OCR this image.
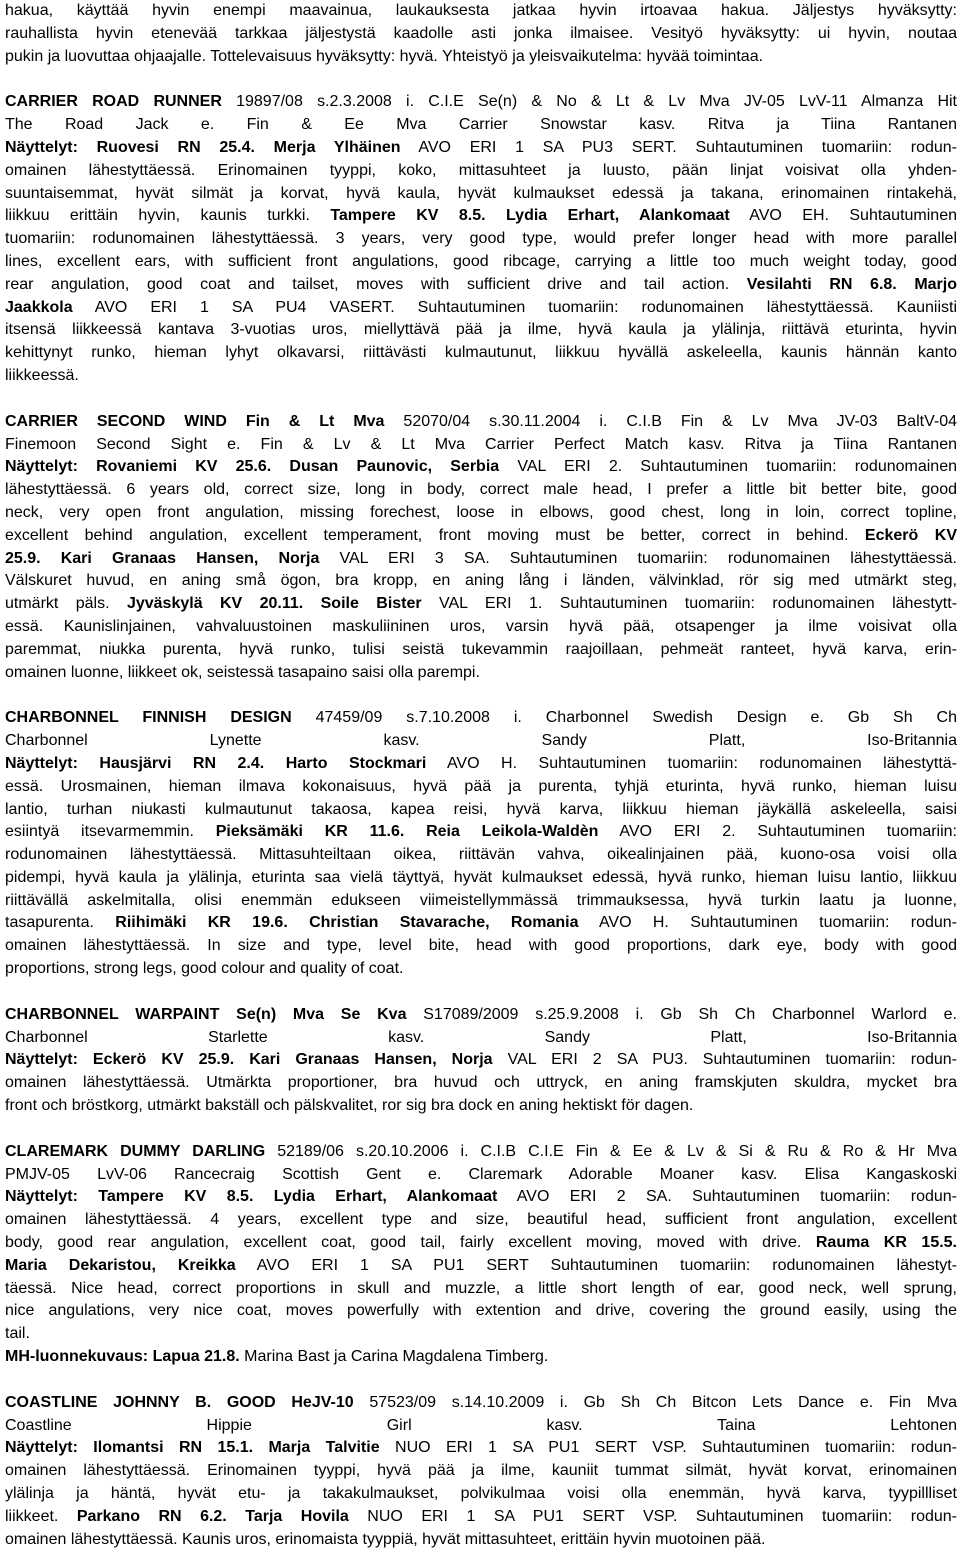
hakua, käyttää hyvin enempi maavainua, laukauksesta jatkaa hyvin irtoavaa hakua. Jäljestys hyväksytty:
rauhallista hyvin etenevää tarkkaa jäljestystä kaadolle asti jonka ilmaisee. Vesityö hyväksytty: ui hyvin, noutaa
pukin ja luovuttaa ohjaajalle. Tottelevaisuus hyväksytty: hyvä. Yhteistyö ja yleisvaikutelma: hyvää toimintaa.
CARRIER ROAD RUNNER 19897/08 s.2.3.2008 i. C.I.E Se(n) & No & Lt & Lv Mva JV-05 LvV-11 Almanza Hit
The Road Jack e. Fin & Ee Mva Carrier Snowstar kasv. Ritva ja Tiina Rantanen
Näyttelyt: Ruovesi RN 25.4. Merja Ylhäinen AVO ERI 1 SA PU3 SERT. Suhtautuminen tuomariin: rodun-
omainen lähestyttäessä. Erinomainen tyyppi, koko, mittasuhteet ja luusto, pään linjat voisivat olla yhden-
suuntaisemmat, hyvät silmät ja korvat, hyvä kaula, hyvät kulmaukset edessä ja takana, erinomainen rintakehä,
liikkuu erittäin hyvin, kaunis turkki. Tampere KV 8.5. Lydia Erhart, Alankomaat AVO EH. Suhtautuminen
tuomariin: rodunomainen lähestyttäessä. 3 years, very good type, would prefer longer head with more parallel
lines, excellent ears, with sufficient front angulations, good ribcage, carrying a little too much weight today, good
rear angulation, good coat and tailset, moves with sufficient drive and tail action. Vesilahti RN 6.8. Marjo
Jaakkola AVO ERI 1 SA PU4 VASERT. Suhtautuminen tuomariin: rodunomainen lähestyttäessä. Kauniisti
itsensä liikkeessä kantava 3-vuotias uros, miellyttävä pää ja ilme, hyvä kaula ja ylälinja, riittävä eturinta, hyvin
kehittynyt runko, hieman lyhyt olkavarsi, riittävästi kulmautunut, liikkuu hyvällä askeleella, kaunis hännän kanto
liikkeessä.
CARRIER SECOND WIND Fin & Lt Mva 52070/04 s.30.11.2004 i. C.I.B Fin & Lv Mva JV-03 BaltV-04
Finemoon Second Sight e. Fin & Lv & Lt Mva Carrier Perfect Match kasv. Ritva ja Tiina Rantanen
Näyttelyt: Rovaniemi KV 25.6. Dusan Paunovic, Serbia VAL ERI 2. Suhtautuminen tuomariin: rodunomainen
lähestyttäessä. 6 years old, correct size, long in body, correct male head, I prefer a little bit better bite, good
neck, very open front angulation, missing forechest, loose in elbows, good chest, long in loin, correct topline,
excellent behind angulation, excellent temperament, front moving must be better, correct in behind. Eckerö KV
25.9. Kari Granaas Hansen, Norja VAL ERI 3 SA. Suhtautuminen tuomariin: rodunomainen lähestyttäessä.
Välskuret huvud, en aning små ögon, bra kropp, en aning lång i länden, välvinklad, rör sig med utmärkt steg,
utmärkt päls. Jyväskylä KV 20.11. Soile Bister VAL ERI 1. Suhtautuminen tuomariin: rodunomainen lähestytt-
essä. Kaunislinjainen, vahvaluustoinen maskuliininen uros, varsin hyvä pää, otsapenger ja ilme voisivat olla
paremmat, niukka purenta, hyvä runko, tulisi seistä tukevammin raajoillaan, pehmeät ranteet, hyvä karva, erin-
omainen luonne, liikkeet ok, seistessä tasapaino saisi olla parempi.
CHARBONNEL FINNISH DESIGN 47459/09 s.7.10.2008 i. Charbonnel Swedish Design e. Gb Sh Ch
Charbonnel Lynette kasv. Sandy Platt, Iso-Britannia
Näyttelyt: Hausjärvi RN 2.4. Harto Stockmari AVO H. Suhtautuminen tuomariin: rodunomainen lähestyttä-
essä. Urosmainen, hieman ilmava kokonaisuus, hyvä pää ja purenta, tyhjä eturinta, hyvä runko, hieman luisu
lantio, turhan niukasti kulmautunut takaosa, kapea reisi, hyvä karva, liikkuu hieman jäykällä askeleella, saisi
esiintyä itsevarmemmin. Pieksämäki KR 11.6. Reia Leikola-Waldèn AVO ERI 2. Suhtautuminen tuomariin:
rodunomainen lähestyttäessä. Mittasuhteiltaan oikea, riittävän vahva, oikealinjainen pää, kuono-osa voisi olla
pidempi, hyvä kaula ja ylälinja, eturinta saa vielä täyttyä, hyvät kulmaukset edessä, hyvä runko, hieman luisu lantio, liikkuu
riittävällä askelmitalla, olisi enemmän edukseen viimeistellymmässä trimmauksessa, hyvä turkin laatu ja luonne,
tasapurenta. Riihimäki KR 19.6. Christian Stavarache, Romania AVO H. Suhtautuminen tuomariin: rodun-
omainen lähestyttäessä. In size and type, level bite, head with good proportions, dark eye, body with good
proportions, strong legs, good colour and quality of coat.
CHARBONNEL WARPAINT Se(n) Mva Se Kva S17089/2009 s.25.9.2008 i. Gb Sh Ch Charbonnel Warlord e.
Charbonnel Starlette kasv. Sandy Platt, Iso-Britannia
Näyttelyt: Eckerö KV 25.9. Kari Granaas Hansen, Norja VAL ERI 2 SA PU3. Suhtautuminen tuomariin: rodun-
omainen lähestyttäessä. Utmärkta proportioner, bra huvud och uttryck, en aning framskjuten skuldra, mycket bra
front och bröstkorg, utmärkt bakställ och pälskvalitet, ror sig bra dock en aning hektiskt för dagen.
CLAREMARK DUMMY DARLING 52189/06 s.20.10.2006 i. C.I.B C.I.E Fin & Ee & Lv & Si & Ru & Ro & Hr Mva
PMJV-05 LvV-06 Rancecraig Scottish Gent e. Claremark Adorable Moaner kasv. Elisa Kangaskoski
Näyttelyt: Tampere KV 8.5. Lydia Erhart, Alankomaat AVO ERI 2 SA. Suhtautuminen tuomariin: rodun-
omainen lähestyttäessä. 4 years, excellent type and size, beautiful head, sufficient front angulation, excellent
body, good rear angulation, excellent coat, good tail, fairly excellent moving, moved with drive. Rauma KR 15.5.
Maria Dekaristou, Kreikka AVO ERI 1 SA PU1 SERT Suhtautuminen tuomariin: rodunomainen lähestyt-
täessä. Nice head, correct proportions in skull and muzzle, a little short length of ear, good neck, well sprung,
nice angulations, very nice coat, moves powerfully with extention and drive, covering the ground easily, using the
tail.
MH-luonnekuvaus: Lapua 21.8. Marina Bast ja Carina Magdalena Timberg.
COASTLINE JOHNNY B. GOOD HeJV-10 57523/09 s.14.10.2009 i. Gb Sh Ch Bitcon Lets Dance e. Fin Mva
Coastline Hippie Girl kasv. Taina Lehtonen
Näyttelyt: Ilomantsi RN 15.1. Marja Talvitie NUO ERI 1 SA PU1 SERT VSP. Suhtautuminen tuomariin: rodun-
omainen lähestyttäessä. Erinomainen tyyppi, hyvä pää ja ilme, kauniit tummat silmät, hyvät korvat, erinomainen
ylälinja ja häntä, hyvät etu- ja takakulmaukset, polvikulmaa voisi olla enemmän, hyvä karva, tyypillliset
liikkeet. Parkano RN 6.2. Tarja Hovila NUO ERI 1 SA PU1 SERT VSP. Suhtautuminen tuomariin: rodun-
omainen lähestyttäessä. Kaunis uros, erinomaista tyyppiä, hyvät mittasuhteet, erittäin hyvin muotoinen pää.
